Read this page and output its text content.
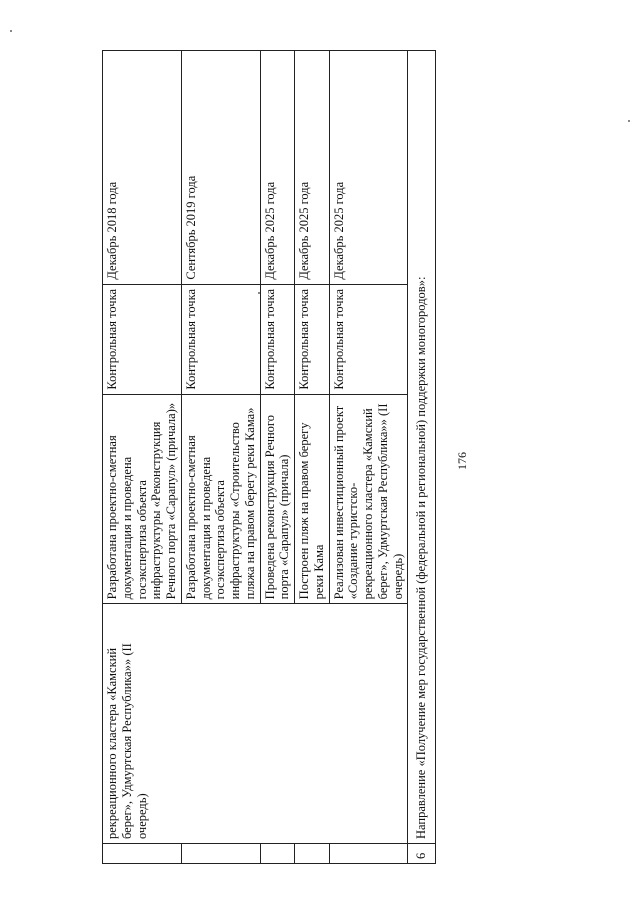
176
	рекреационного кластера «Камский берег», Удмуртская Республика»» (II очередь)	Разработана проектно-сметная документация и проведена госэкспертиза объекта инфраструктуры «Реконструкция Речного порта «Сарапул» (причала)»	Контрольная точка	Декабрь 2018 года
		Разработана проектно-сметная документация и проведена госэкспертиза объекта инфраструктуры «Строительство пляжа на правом берегу реки Кама»	Контрольная точка	Сентябрь 2019 года
		Проведена реконструкция Речного порта «Сарапул» (причала)	Контрольная точка	Декабрь 2025 года
		Построен пляж на правом берегу реки Кама	Контрольная точка	Декабрь 2025 года
		Реализован инвестиционный проект «Создание туристско-рекреационного кластера «Камский берег», Удмуртская Республика»» (II очередь)	Контрольная точка	Декабрь 2025 года
6	Направление «Получение мер государственной (федеральной и региональной) поддержки моногородов»:			
